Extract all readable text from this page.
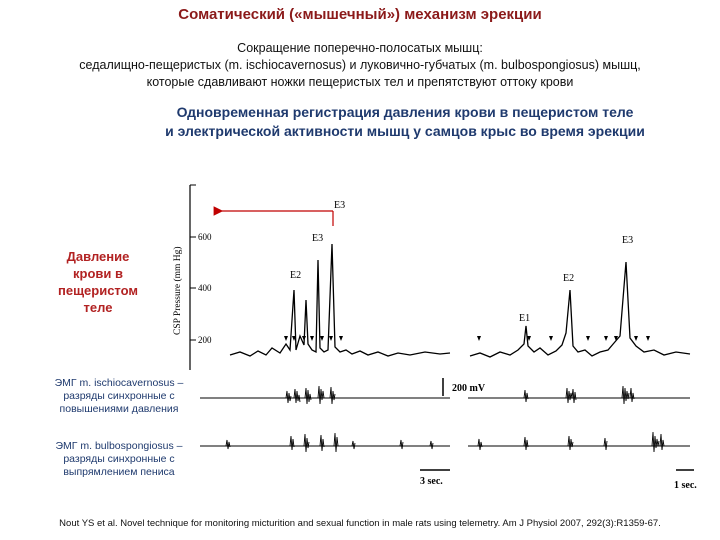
Соматический («мышечный») механизм эрекции
Сокращение поперечно-полосатых мышц:
седалищно-пещеристых (m. ischiocavernosus) и луковично-губчатых (m. bulbospongiosus) мышц,
которые сдавливают ножки пещеристых тел и препятствуют оттоку крови
Одновременная регистрация давления крови в пещеристом теле
и электрической активности мышц у самцов крыс во время эрекции
Давление крови в пещеристом теле
ЭМГ m. ischiocavernosus – разряды синхронные с повышениями давления
ЭМГ m. bulbospongiosus – разряды синхронные с выпрямлением пениса
600
400
200
CSP Pressure (mm Hg)	E2
E3
E3
E1
E2
E3
200 mV
3 sec.	1 sec.
Nout YS et al. Novel technique for monitoring micturition and sexual function in male rats using telemetry. Am J Physiol 2007, 292(3):R1359-67.
